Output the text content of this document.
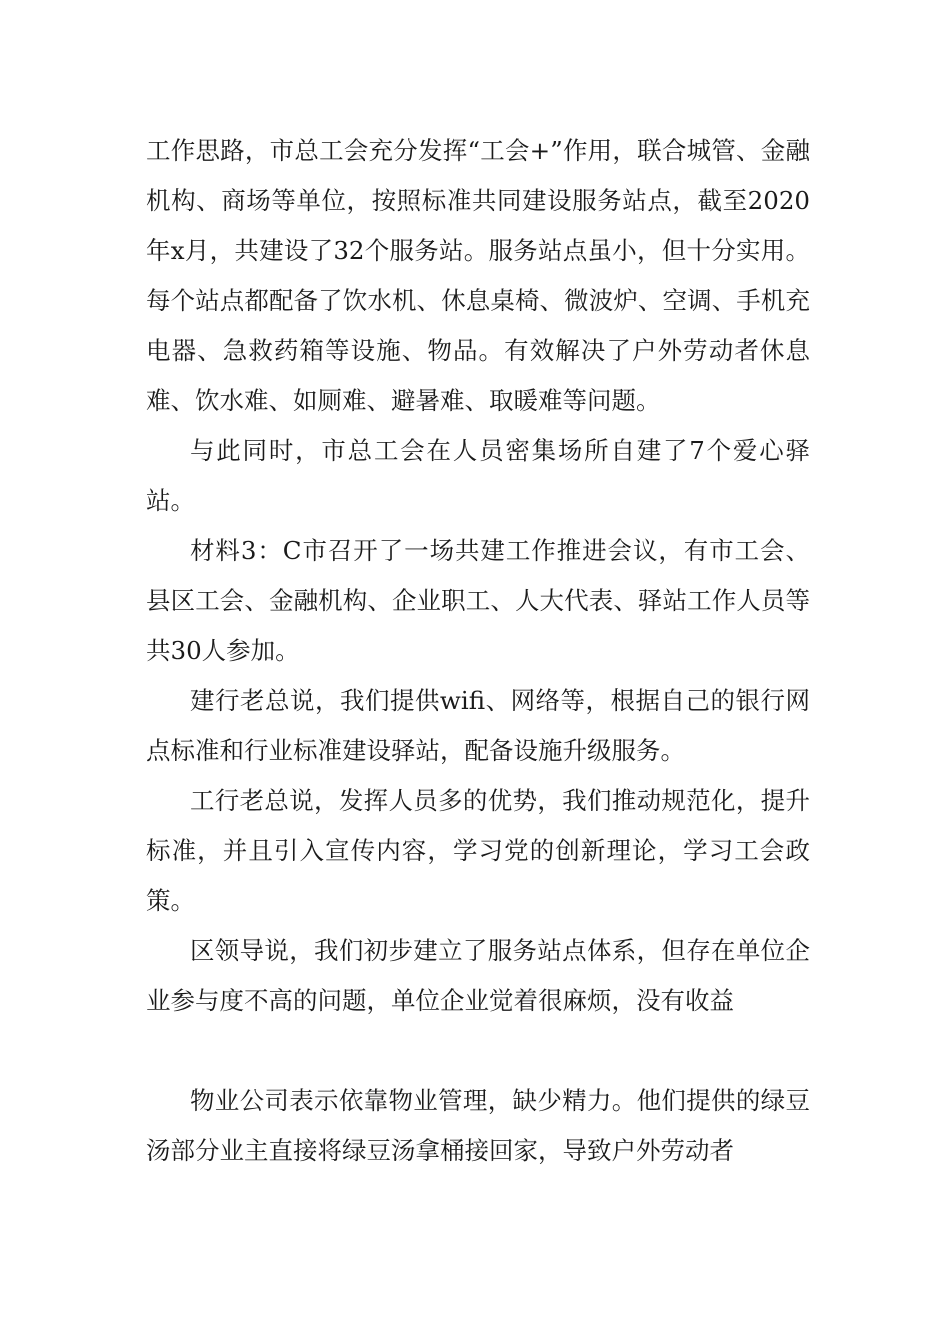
工作思路，市总工会充分发挥“工会+”作用，联合城管、金融机构、商场等单位，按照标准共同建设服务站点，截至2020年x月，共建设了32个服务站。服务站点虽小，但十分实用。每个站点都配备了饮水机、休息桌椅、微波炉、空调、手机充电器、急救药箱等设施、物品。有效解决了户外劳动者休息难、饮水难、如厕难、避暑难、取暖难等问题。

与此同时，市总工会在人员密集场所自建了7个爱心驿站。

材料3：C市召开了一场共建工作推进会议，有市工会、县区工会、金融机构、企业职工、人大代表、驿站工作人员等共30人参加。

建行老总说，我们提供wifi、网络等，根据自己的银行网点标准和行业标准建设驿站，配备设施升级服务。

工行老总说，发挥人员多的优势，我们推动规范化，提升标准，并且引入宣传内容，学习党的创新理论，学习工会政策。

区领导说，我们初步建立了服务站点体系，但存在单位企业参与度不高的问题，单位企业觉着很麻烦，没有收益

物业公司表示依靠物业管理，缺少精力。他们提供的绿豆汤部分业主直接将绿豆汤拿桶接回家，导致户外劳动者
